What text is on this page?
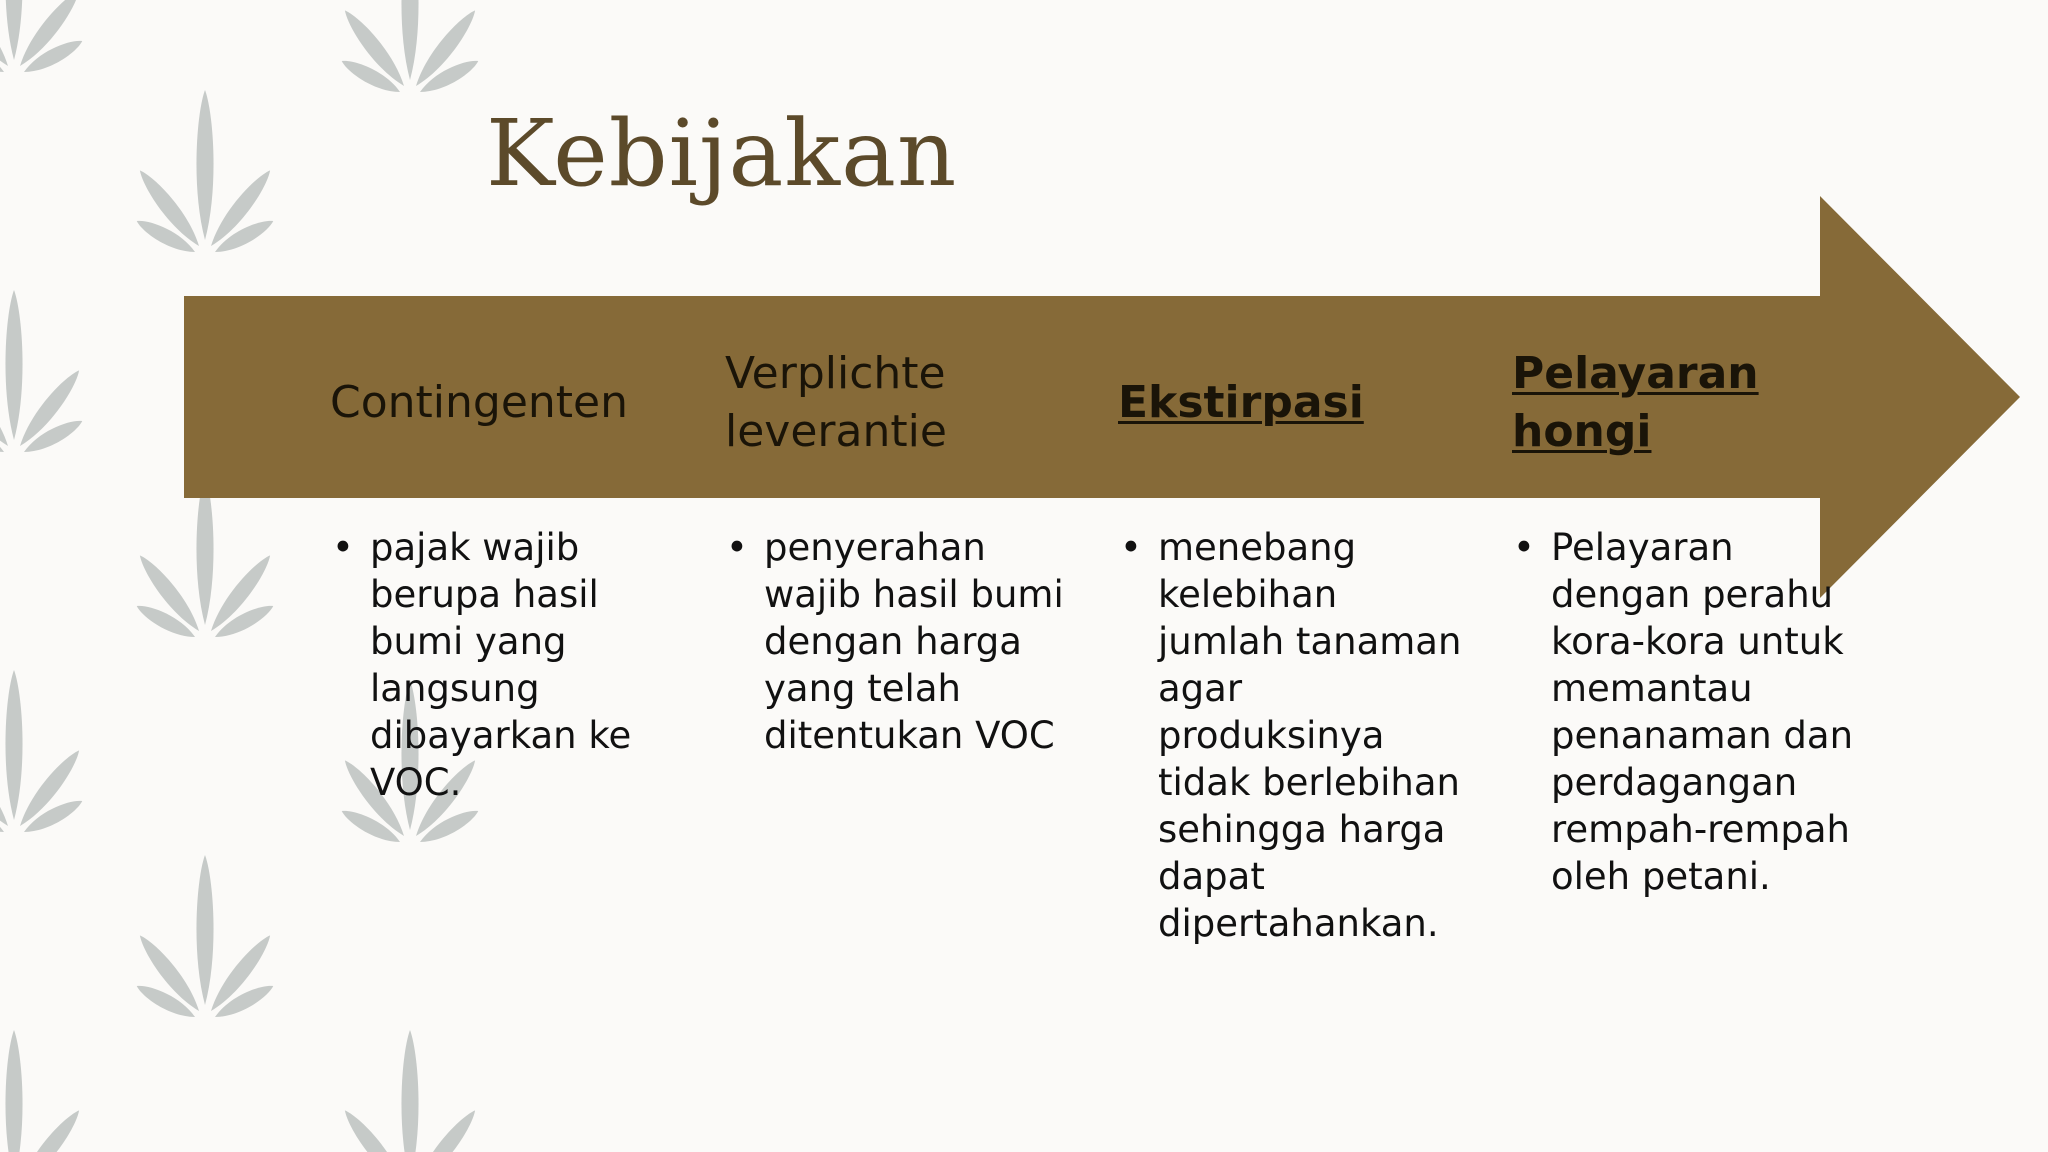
Kebijakan
Contingenten
Verplichte leverantie
Ekstirpasi
Pelayaran hongi
• pajak wajib berupa hasil bumi yang langsung dibayarkan ke VOC.
• penyerahan wajib hasil bumi dengan harga yang telah ditentukan VOC
• menebang kelebihan jumlah tanaman agar produksinya tidak berlebihan sehingga harga dapat dipertahankan.
• Pelayaran dengan perahu kora-kora untuk memantau penanaman dan perdagangan rempah-rempah oleh petani.
